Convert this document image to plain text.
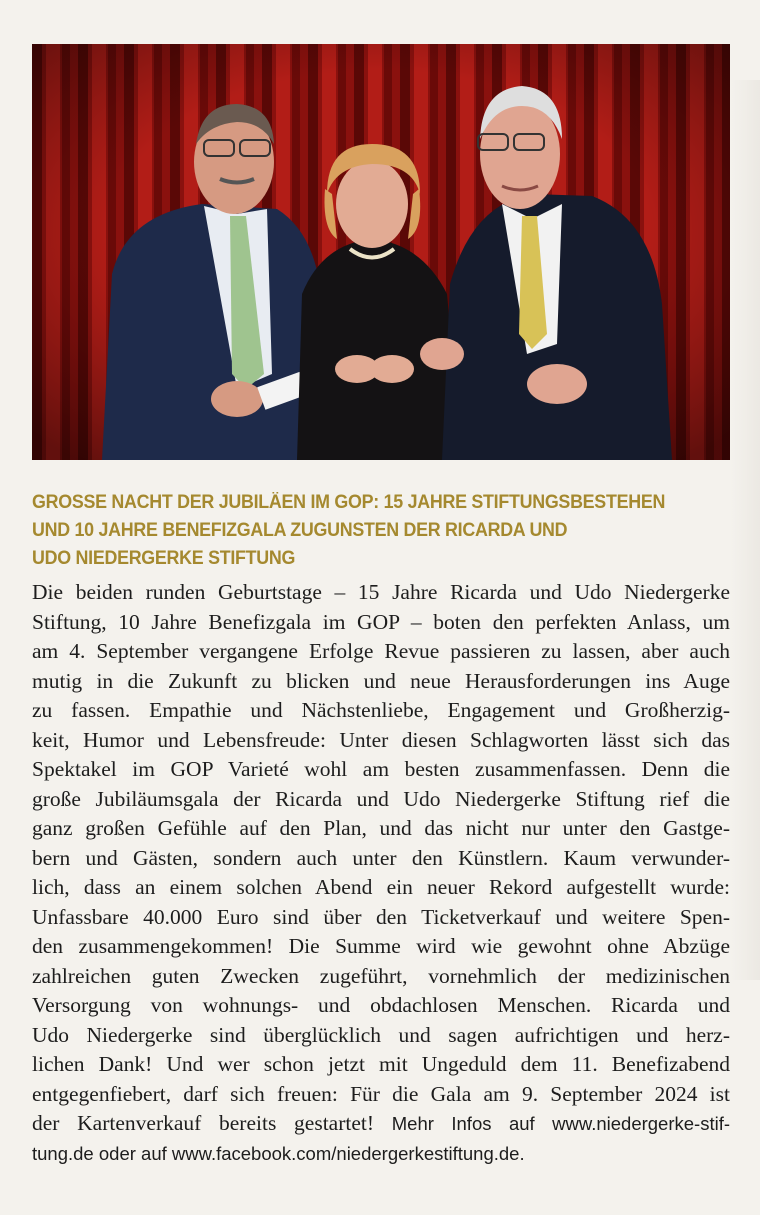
GROSSE NACHT DER JUBILÄEN IM GOP: 15 JAHRE STIFTUNGSBESTEHEN
UND 10 JAHRE BENEFIZGALA ZUGUNSTEN DER RICARDA UND
UDO NIEDERGERKE STIFTUNG
Die beiden runden Geburtstage – 15 Jahre Ricarda und Udo Niedergerke
Stiftung, 10 Jahre Benefizgala im GOP – boten den perfekten Anlass, um
am 4. September vergangene Erfolge Revue passieren zu lassen, aber auch
mutig in die Zukunft zu blicken und neue Herausforderungen ins Auge
zu fassen. Empathie und Nächstenliebe, Engagement und Großherzig-
keit, Humor und Lebensfreude: Unter diesen Schlagworten lässt sich das
Spektakel im GOP Varieté wohl am besten zusammenfassen. Denn die
große Jubiläumsgala der Ricarda und Udo Niedergerke Stiftung rief die
ganz großen Gefühle auf den Plan, und das nicht nur unter den Gastge-
bern und Gästen, sondern auch unter den Künstlern. Kaum verwunder-
lich, dass an einem solchen Abend ein neuer Rekord aufgestellt wurde:
Unfassbare 40.000 Euro sind über den Ticketverkauf und weitere Spen-
den zusammengekommen! Die Summe wird wie gewohnt ohne Abzüge
zahlreichen guten Zwecken zugeführt, vornehmlich der medizinischen
Versorgung von wohnungs- und obdachlosen Menschen. Ricarda und
Udo Niedergerke sind überglücklich und sagen aufrichtigen und herz-
lichen Dank! Und wer schon jetzt mit Ungeduld dem 11. Benefizabend
entgegenfiebert, darf sich freuen: Für die Gala am 9. September 2024 ist
der Kartenverkauf bereits gestartet! Mehr Infos auf www.niedergerke-stif-
tung.de oder auf www.facebook.com/niedergerkestiftung.de.
